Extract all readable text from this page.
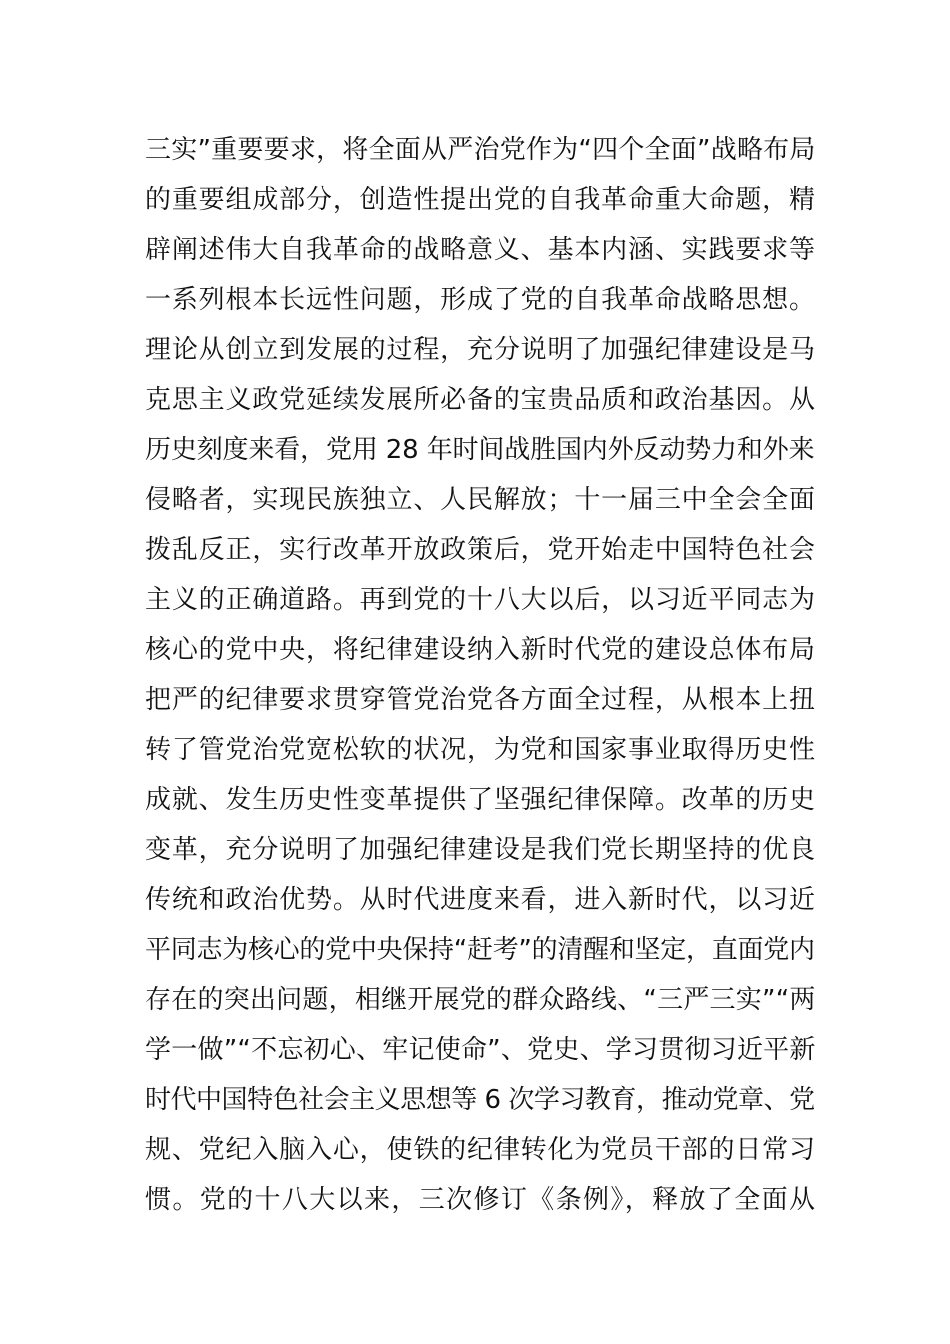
三实”重要要求，将全面从严治党作为“四个全面”战略布局
的重要组成部分，创造性提出党的自我革命重大命题，精
辟阐述伟大自我革命的战略意义、基本内涵、实践要求等
一系列根本长远性问题，形成了党的自我革命战略思想。
理论从创立到发展的过程，充分说明了加强纪律建设是马
克思主义政党延续发展所必备的宝贵品质和政治基因。从
历史刻度来看，党用 28 年时间战胜国内外反动势力和外来
侵略者，实现民族独立、人民解放；十一届三中全会全面
拨乱反正，实行改革开放政策后，党开始走中国特色社会
主义的正确道路。再到党的十八大以后，以习近平同志为
核心的党中央，将纪律建设纳入新时代党的建设总体布局
把严的纪律要求贯穿管党治党各方面全过程，从根本上扭
转了管党治党宽松软的状况，为党和国家事业取得历史性
成就、发生历史性变革提供了坚强纪律保障。改革的历史
变革，充分说明了加强纪律建设是我们党长期坚持的优良
传统和政治优势。从时代进度来看，进入新时代，以习近
平同志为核心的党中央保持“赶考”的清醒和坚定，直面党内
存在的突出问题，相继开展党的群众路线、“三严三实”“两
学一做”“不忘初心、牢记使命”、党史、学习贯彻习近平新
时代中国特色社会主义思想等 6 次学习教育，推动党章、党
规、党纪入脑入心，使铁的纪律转化为党员干部的日常习
惯。党的十八大以来，三次修订《条例》，释放了全面从
